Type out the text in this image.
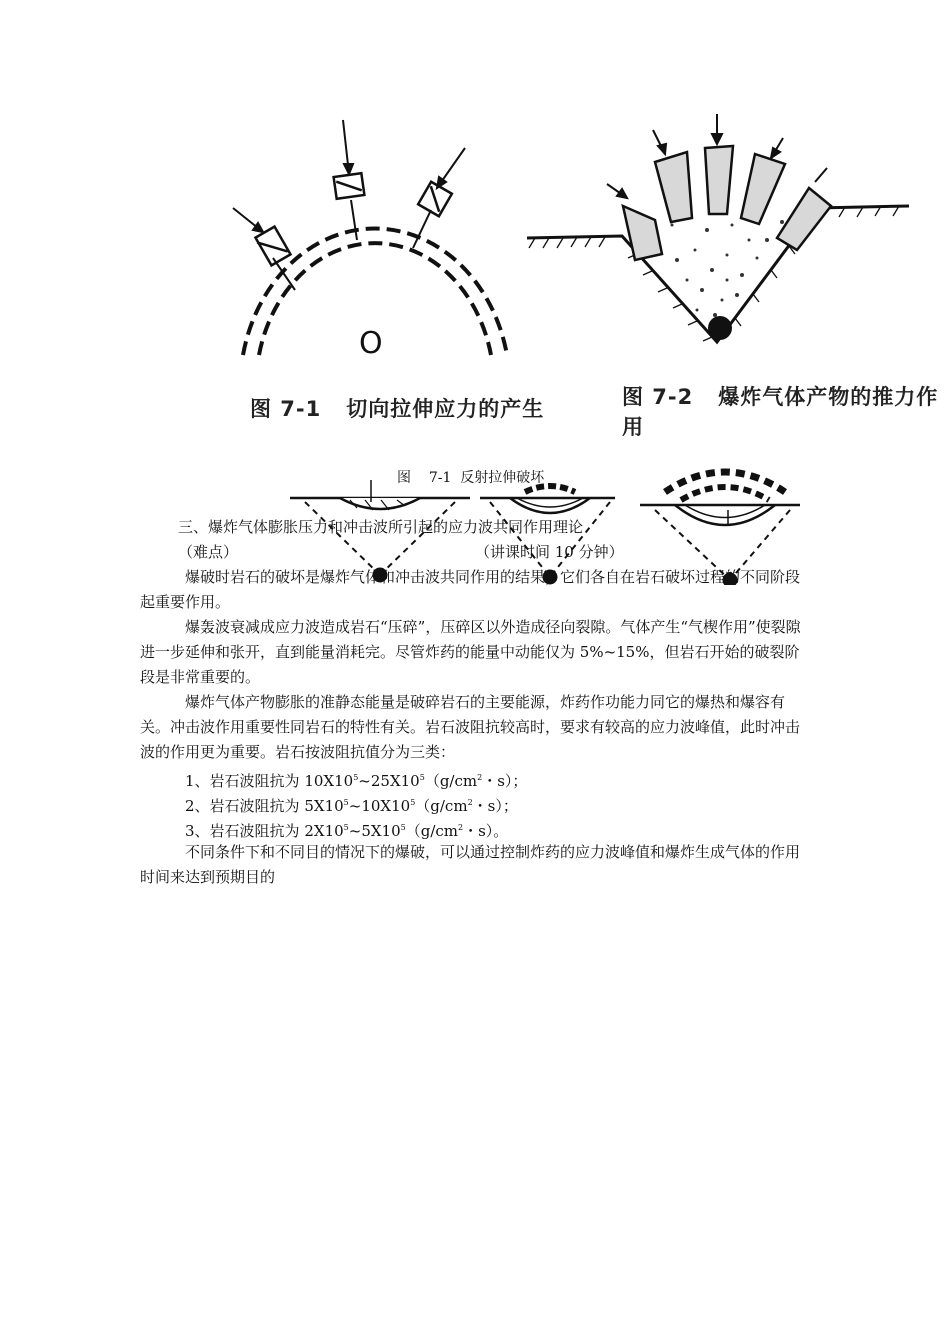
O
图 7-1 切向拉伸应力的产生	图 7-2 爆炸气体产物的推力作用
图 7-1 反射拉伸破坏
三、爆炸气体膨胀压力和冲击波所引起的应力波共同作用理论
（难点）	（讲课时间 10 分钟）
爆破时岩石的破坏是爆炸气体和冲击波共同作用的结果，它们各自在岩石破坏过程的不同阶段起重要作用。
爆轰波衰减成应力波造成岩石“压碎”，压碎区以外造成径向裂隙。气体产生“气楔作用”使裂隙进一步延伸和张开，直到能量消耗完。尽管炸药的能量中动能仅为 5%~15%，但岩石开始的破裂阶段是非常重要的。
爆炸气体产物膨胀的准静态能量是破碎岩石的主要能源，炸药作功能力同它的爆热和爆容有关。冲击波作用重要性同岩石的特性有关。岩石波阻抗较高时，要求有较高的应力波峰值，此时冲击波的作用更为重要。岩石按波阻抗值分为三类：
1、岩石波阻抗为 $10X10^5\sim 25X10^5(g/cm^2$・s）；
2、岩石波阻抗为 $5X10^5\sim 10X10^5(g/cm^2$・s）；
3、岩石波阻抗为 $2X10^5\sim 5X10^5(g/cm^2$・s）。
不同条件下和不同目的情况下的爆破，可以通过控制炸药的应力波峰值和爆炸生成气体的作用时间来达到预期目的
